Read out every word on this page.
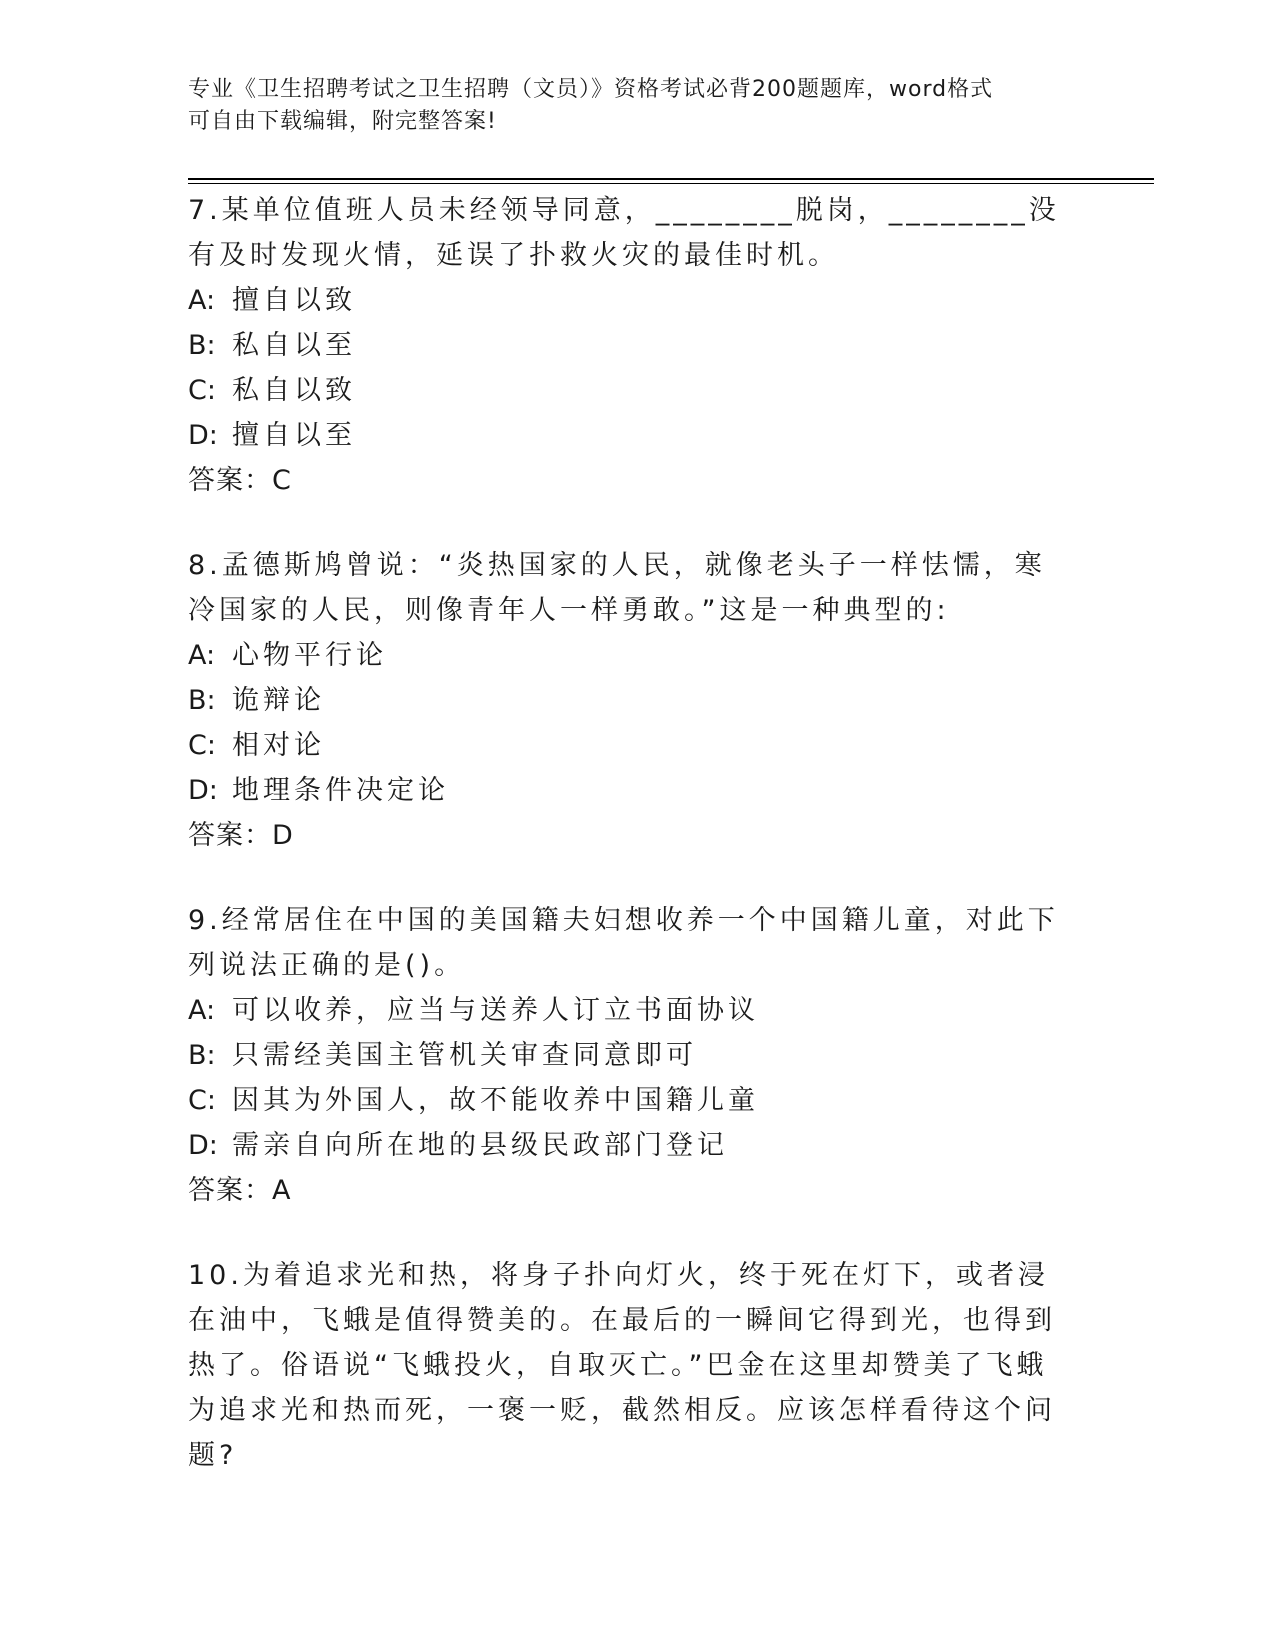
专业《卫生招聘考试之卫生招聘（文员）》资格考试必背200题题库，word格式
可自由下载编辑，附完整答案!

7.某单位值班人员未经领导同意，________脱岗，________没有及时发现火情，延误了扑救火灾的最佳时机。

A: 擅自以致

B: 私自以至

C: 私自以致

D: 擅自以至

答案：C

8.孟德斯鸠曾说：“炎热国家的人民，就像老头子一样怯懦，寒冷国家的人民，则像青年人一样勇敢。”这是一种典型的:

A: 心物平行论

B: 诡辩论

C: 相对论

D: 地理条件决定论

答案：D

9.经常居住在中国的美国籍夫妇想收养一个中国籍儿童，对此下列说法正确的是()。

A: 可以收养，应当与送养人订立书面协议

B: 只需经美国主管机关审查同意即可

C: 因其为外国人，故不能收养中国籍儿童

D: 需亲自向所在地的县级民政部门登记

答案：A

10.为着追求光和热，将身子扑向灯火，终于死在灯下，或者浸在油中，飞蛾是值得赞美的。在最后的一瞬间它得到光，也得到热了。俗语说“飞蛾投火，自取灭亡。”巴金在这里却赞美了飞蛾为追求光和热而死，一褒一贬，截然相反。应该怎样看待这个问题?
